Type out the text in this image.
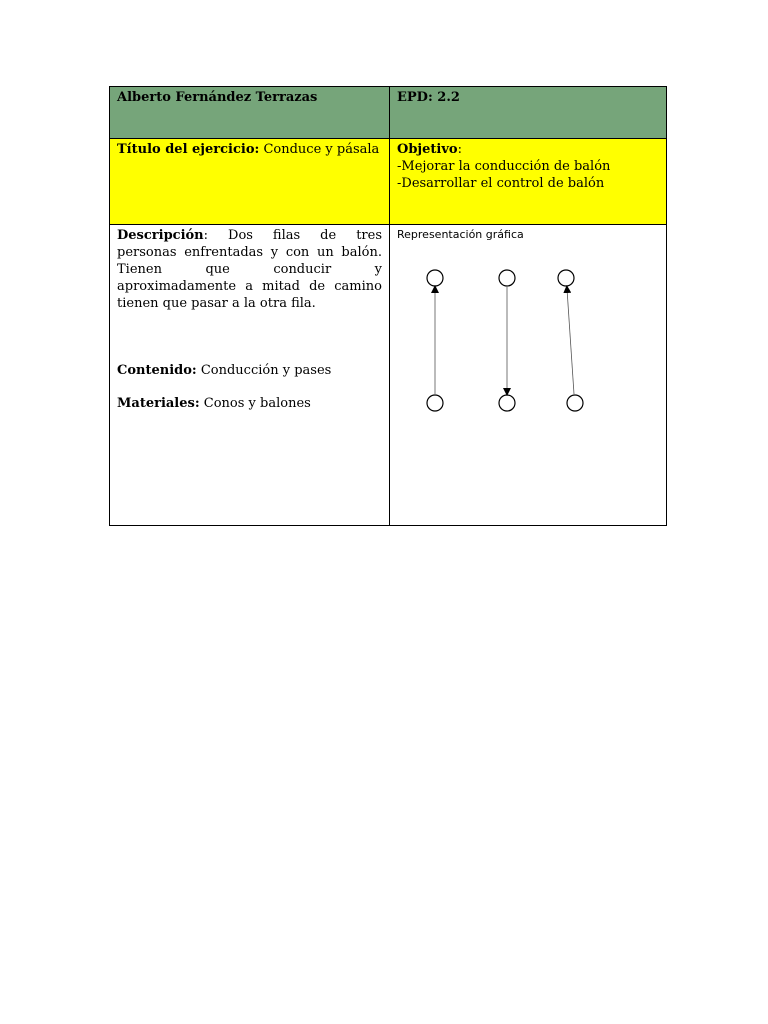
Alberto Fernández Terrazas	EPD: 2.2
Título del ejercicio: Conduce y pásala	Objetivo:
-Mejorar la conducción de balón
-Desarrollar el control de balón

Descripción: Dos filas de tres personas enfrentadas y con un balón. Tienen que conducir y aproximadamente a mitad de camino tienen que pasar a la otra fila.
Contenido: Conducción y pases
Materiales: Conos y balones	Representación gráfica
